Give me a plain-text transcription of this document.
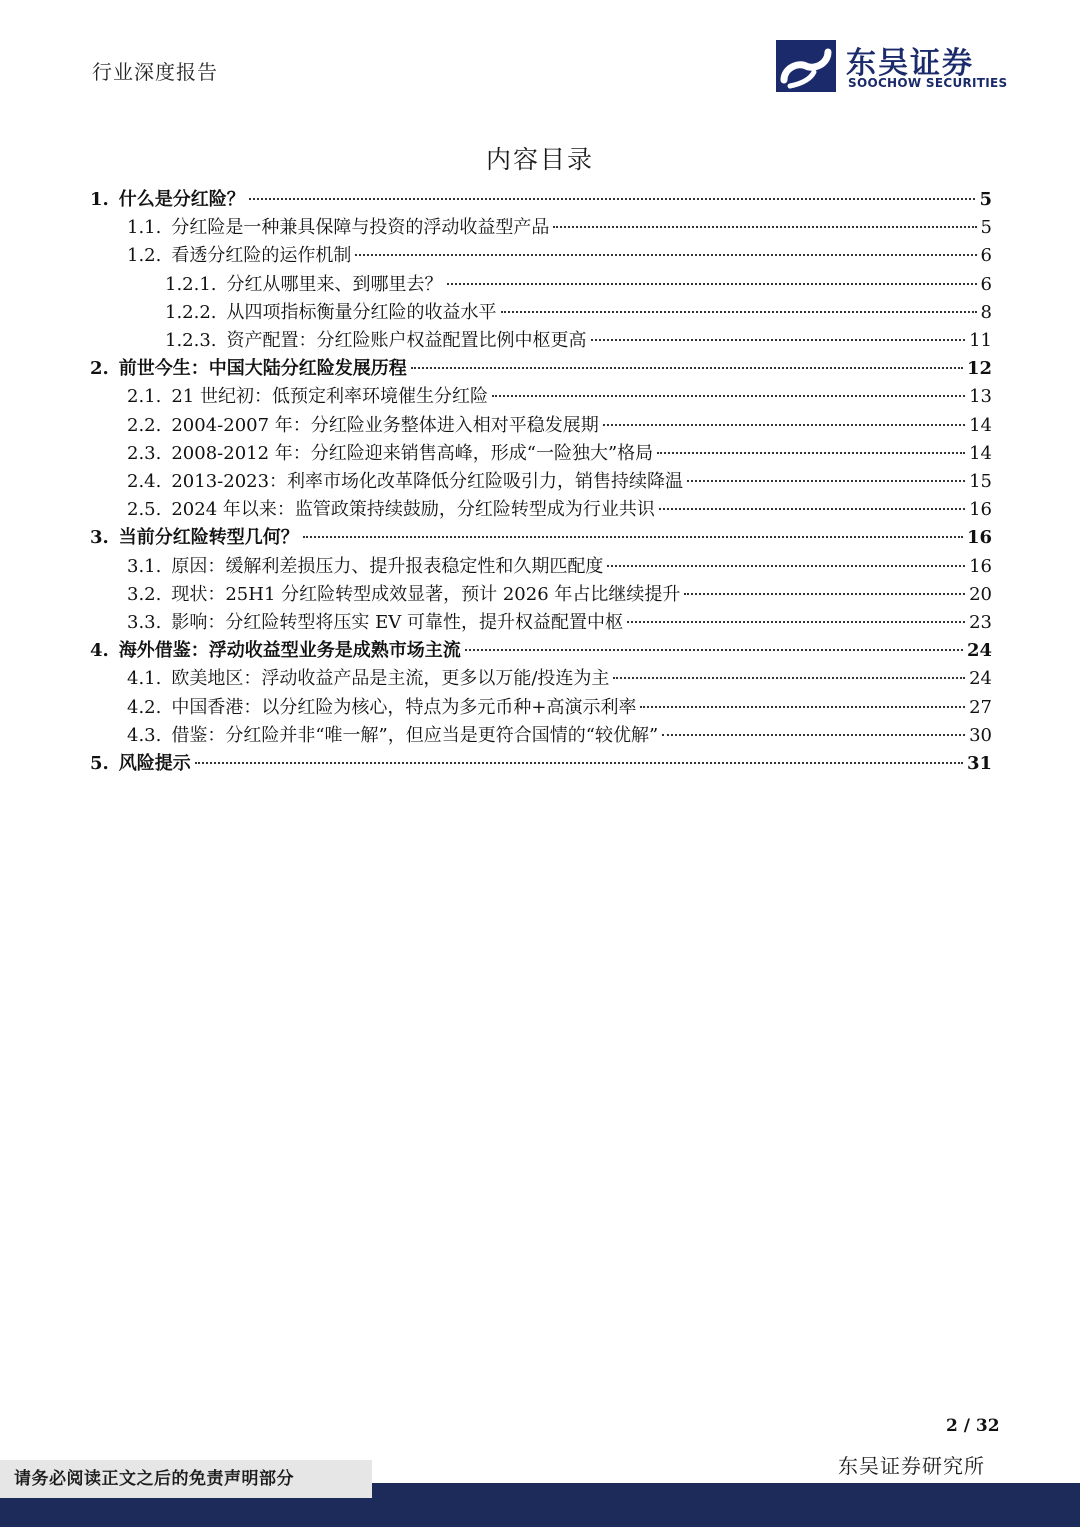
行业深度报告	东吴证券
SOOCHOW SECURITIES
内容目录
1. 什么是分红险？	5
1.1. 分红险是一种兼具保障与投资的浮动收益型产品	5
1.2. 看透分红险的运作机制	6
1.2.1. 分红从哪里来、到哪里去？	6
1.2.2. 从四项指标衡量分红险的收益水平	8
1.2.3. 资产配置：分红险账户权益配置比例中枢更高	11
2. 前世今生：中国大陆分红险发展历程	12
2.1. 21 世纪初：低预定利率环境催生分红险	13
2.2. 2004-2007 年：分红险业务整体进入相对平稳发展期	14
2.3. 2008-2012 年：分红险迎来销售高峰，形成“一险独大”格局	14
2.4. 2013-2023：利率市场化改革降低分红险吸引力，销售持续降温	15
2.5. 2024 年以来：监管政策持续鼓励，分红险转型成为行业共识	16
3. 当前分红险转型几何？	16
3.1. 原因：缓解利差损压力、提升报表稳定性和久期匹配度	16
3.2. 现状：25H1 分红险转型成效显著，预计 2026 年占比继续提升	20
3.3. 影响：分红险转型将压实 EV 可靠性，提升权益配置中枢	23
4. 海外借鉴：浮动收益型业务是成熟市场主流	24
4.1. 欧美地区：浮动收益产品是主流，更多以万能/投连为主	24
4.2. 中国香港：以分红险为核心，特点为多元币种+高演示利率	27
4.3. 借鉴：分红险并非“唯一解”，但应当是更符合国情的“较优解”	30
5. 风险提示	31
2 / 32
东吴证券研究所
请务必阅读正文之后的免责声明部分
